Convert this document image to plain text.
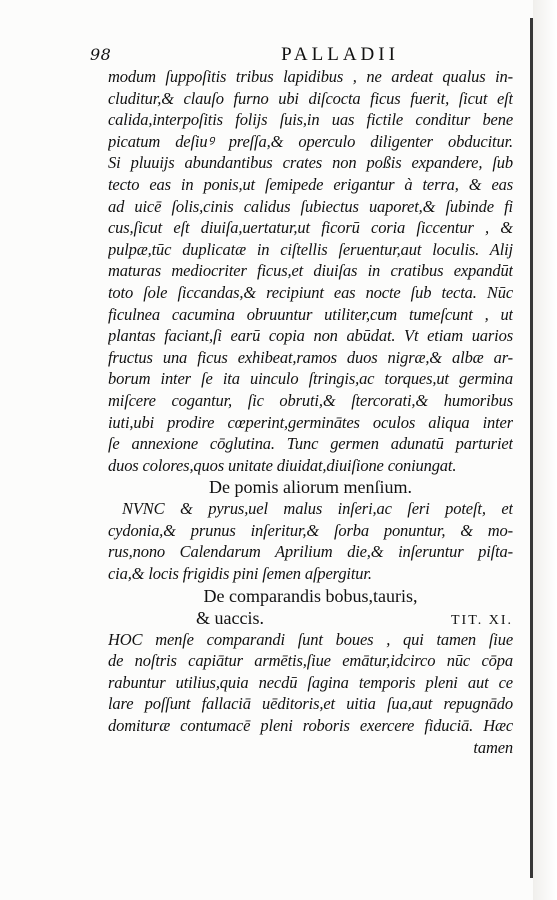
98	PALLADII
modum ſuppoſitis tribus lapidibus , ne ardeat qualus in-
cluditur,& clauſo furno ubi diſcocta ficus fuerit, ſicut eſt
calida,interpoſitis folijs ſuis,in uas fictile conditur bene
picatum deſiuꝰ preſſa,& operculo diligenter obducitur.
Si pluuijs abundantibus crates non poßis expandere, ſub
tecto eas in ponis,ut ſemipede erigantur à terra, & eas
ad uicē ſolis,cinis calidus ſubiectus uaporet,& ſubinde fi
cus,ſicut eſt diuiſa,uertatur,ut ficorū coria ſiccentur , &
pulpæ,tūc duplicatæ in ciſtellis ſeruentur,aut loculis. Alij
maturas mediocriter ficus,et diuiſas in cratibus expandūt
toto ſole ſiccandas,& recipiunt eas nocte ſub tecta. Nūc
ficulnea cacumina obruuntur utiliter,cum tumeſcunt , ut
plantas faciant,ſi earū copia non abūdat. Vt etiam uarios
fructus una ficus exhibeat,ramos duos nigræ,& albæ ar-
borum inter ſe ita uinculo ſtringis,ac torques,ut germina
miſcere cogantur, ſic obruti,& ſtercorati,& humoribus
iuti,ubi prodire cœperint,germinātes oculos aliqua inter
ſe annexione cōglutina. Tunc germen adunatū parturiet
duos colores,quos unitate diuidat,diuiſione coniungat.
De pomis aliorum menſium.
NVNC & pyrus,uel malus inſeri,ac ſeri poteſt, et
cydonia,& prunus inſeritur,& ſorba ponuntur, & mo-
rus,nono Calendarum Aprilium die,& inſeruntur piſta-
cia,& locis frigidis pini ſemen aſpergitur.
De comparandis bobus,tauris,
& uaccis.	TIT. XI.
HOC menſe comparandi ſunt boues , qui tamen ſiue
de noſtris capiātur armētis,ſiue emātur,idcirco nūc cōpa
rabuntur utilius,quia necdū ſagina temporis pleni aut ce
lare poſſunt fallaciā uēditoris,et uitia ſua,aut repugnādo
domituræ contumacē pleni roboris exercere fiduciā. Hæc
tamen
